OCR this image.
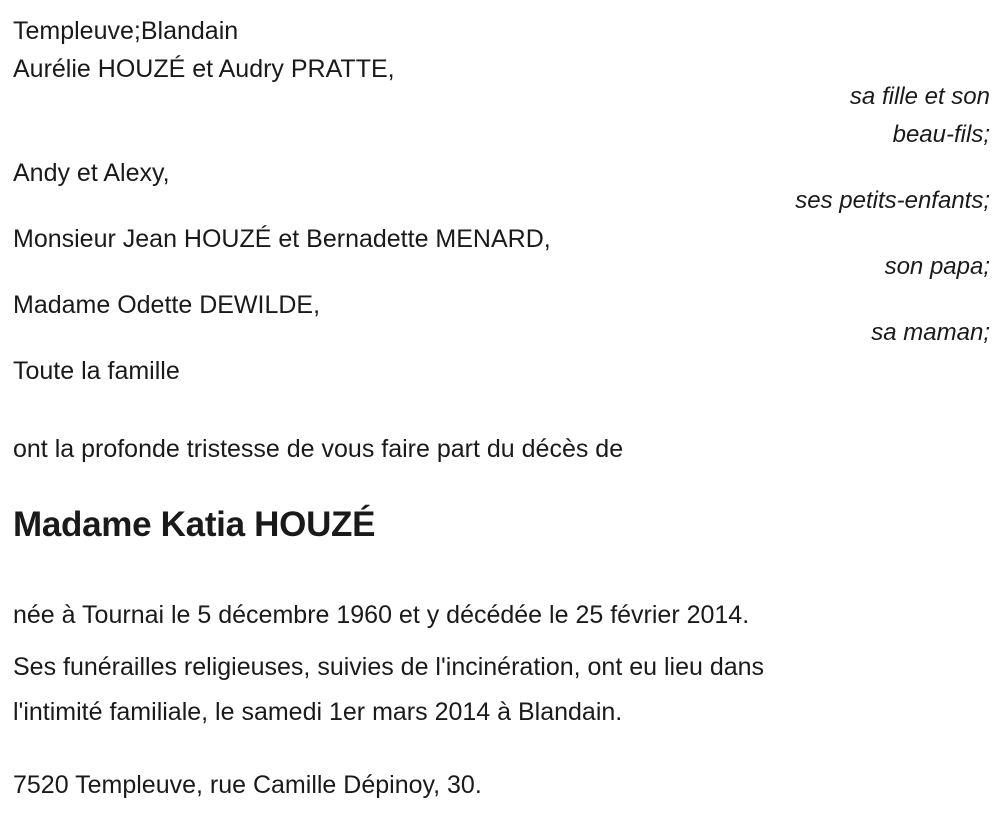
Templeuve;Blandain
Aurélie HOUZÉ et Audry PRATTE,
sa fille et son
beau-fils;
Andy et Alexy,
ses petits-enfants;
Monsieur Jean HOUZÉ et Bernadette MENARD,
son papa;
Madame Odette DEWILDE,
sa maman;
Toute la famille
ont la profonde tristesse de vous faire part du décès de
Madame Katia HOUZÉ
née à Tournai le 5 décembre 1960 et y décédée le 25 février 2014.
Ses funérailles religieuses, suivies de l'incinération, ont eu lieu dans
l'intimité familiale, le samedi 1er mars 2014 à Blandain.
7520 Templeuve, rue Camille Dépinoy, 30.
